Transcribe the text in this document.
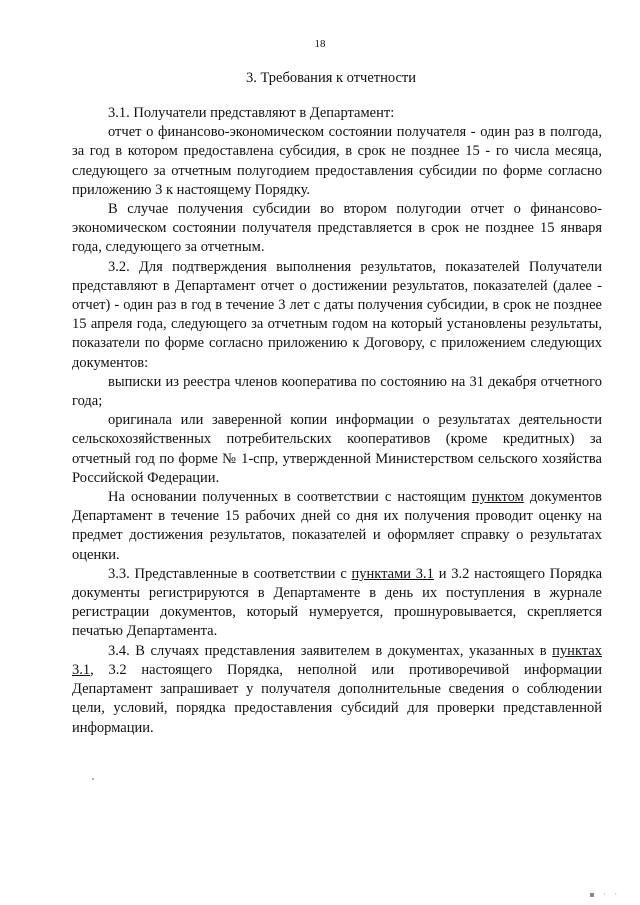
18
3. Требования к отчетности

3.1. Получатели представляют в Департамент:

отчет о финансово-экономическом состоянии получателя - один раз в полгода, за год в котором предоставлена субсидия, в срок не позднее 15 - го числа месяца, следующего за отчетным полугодием предоставления субсидии по форме согласно приложению 3 к настоящему Порядку.

В случае получения субсидии во втором полугодии отчет о финансово-экономическом состоянии получателя представляется в срок не позднее 15 января года, следующего за отчетным.

3.2. Для подтверждения выполнения результатов, показателей Получатели представляют в Департамент отчет о достижении результатов, показателей (далее - отчет) - один раз в год в течение 3 лет с даты получения субсидии, в срок не позднее 15 апреля года, следующего за отчетным годом на который установлены результаты, показатели по форме согласно приложению к Договору, с приложением следующих документов:

выписки из реестра членов кооператива по состоянию на 31 декабря отчетного года;

оригинала или заверенной копии информации о результатах деятельности сельскохозяйственных потребительских кооперативов (кроме кредитных) за отчетный год по форме № 1-спр, утвержденной Министерством сельского хозяйства Российской Федерации.

На основании полученных в соответствии с настоящим пунктом документов Департамент в течение 15 рабочих дней со дня их получения проводит оценку на предмет достижения результатов, показателей и оформляет справку о результатах оценки.

3.3. Представленные в соответствии с пунктами 3.1 и 3.2 настоящего Порядка документы регистрируются в Департаменте в день их поступления в журнале регистрации документов, который нумеруется, прошнуровывается, скрепляется печатью Департамента.

3.4. В случаях представления заявителем в документах, указанных в пунктах 3.1, 3.2 настоящего Порядка, неполной или противоречивой информации Департамент запрашивает у получателя дополнительные сведения о соблюдении цели, условий, порядка предоставления субсидий для проверки представленной информации.

▪ · ·
